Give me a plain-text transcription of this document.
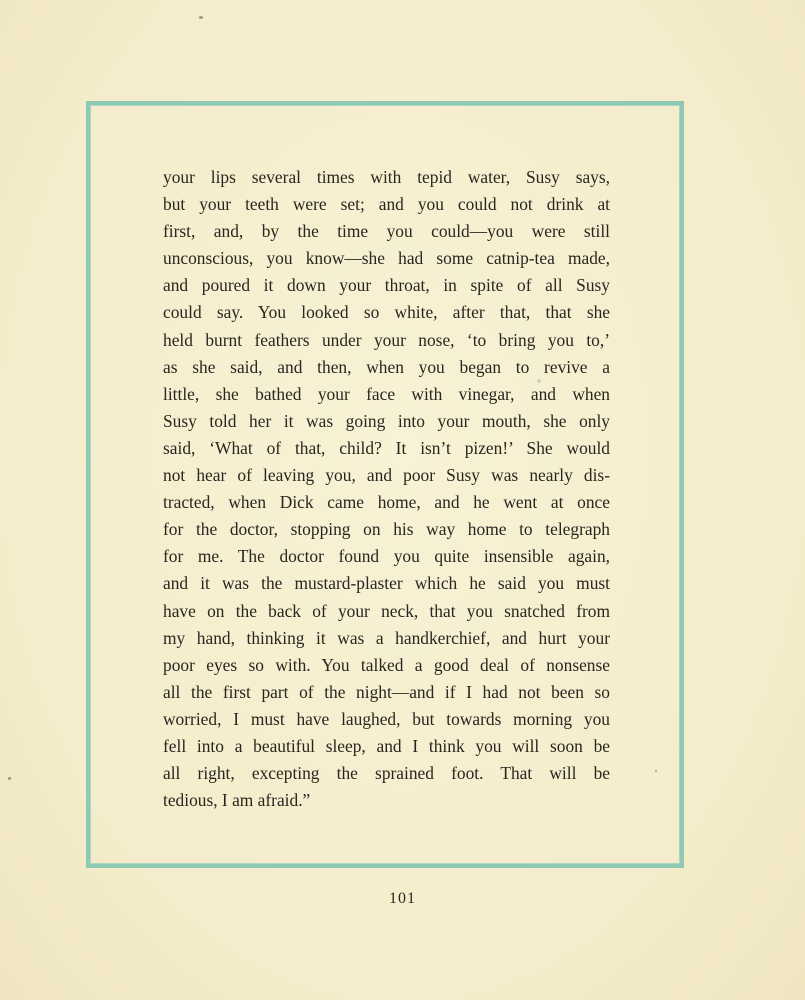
your lips several times with tepid water, Susy says,
but your teeth were set; and you could not drink at
first, and, by the time you could—you were still
unconscious, you know—she had some catnip-tea made,
and poured it down your throat, in spite of all Susy
could say. You looked so white, after that, that she
held burnt feathers under your nose, ‘to bring you to,’
as she said, and then, when you began to revive a
little, she bathed your face with vinegar, and when
Susy told her it was going into your mouth, she only
said, ‘What of that, child? It isn’t pizen!’ She would
not hear of leaving you, and poor Susy was nearly dis-
tracted, when Dick came home, and he went at once
for the doctor, stopping on his way home to telegraph
for me. The doctor found you quite insensible again,
and it was the mustard-plaster which he said you must
have on the back of your neck, that you snatched from
my hand, thinking it was a handkerchief, and hurt your
poor eyes so with. You talked a good deal of nonsense
all the first part of the night—and if I had not been so
worried, I must have laughed, but towards morning you
fell into a beautiful sleep, and I think you will soon be
all right, excepting the sprained foot. That will be
tedious, I am afraid.”
101
